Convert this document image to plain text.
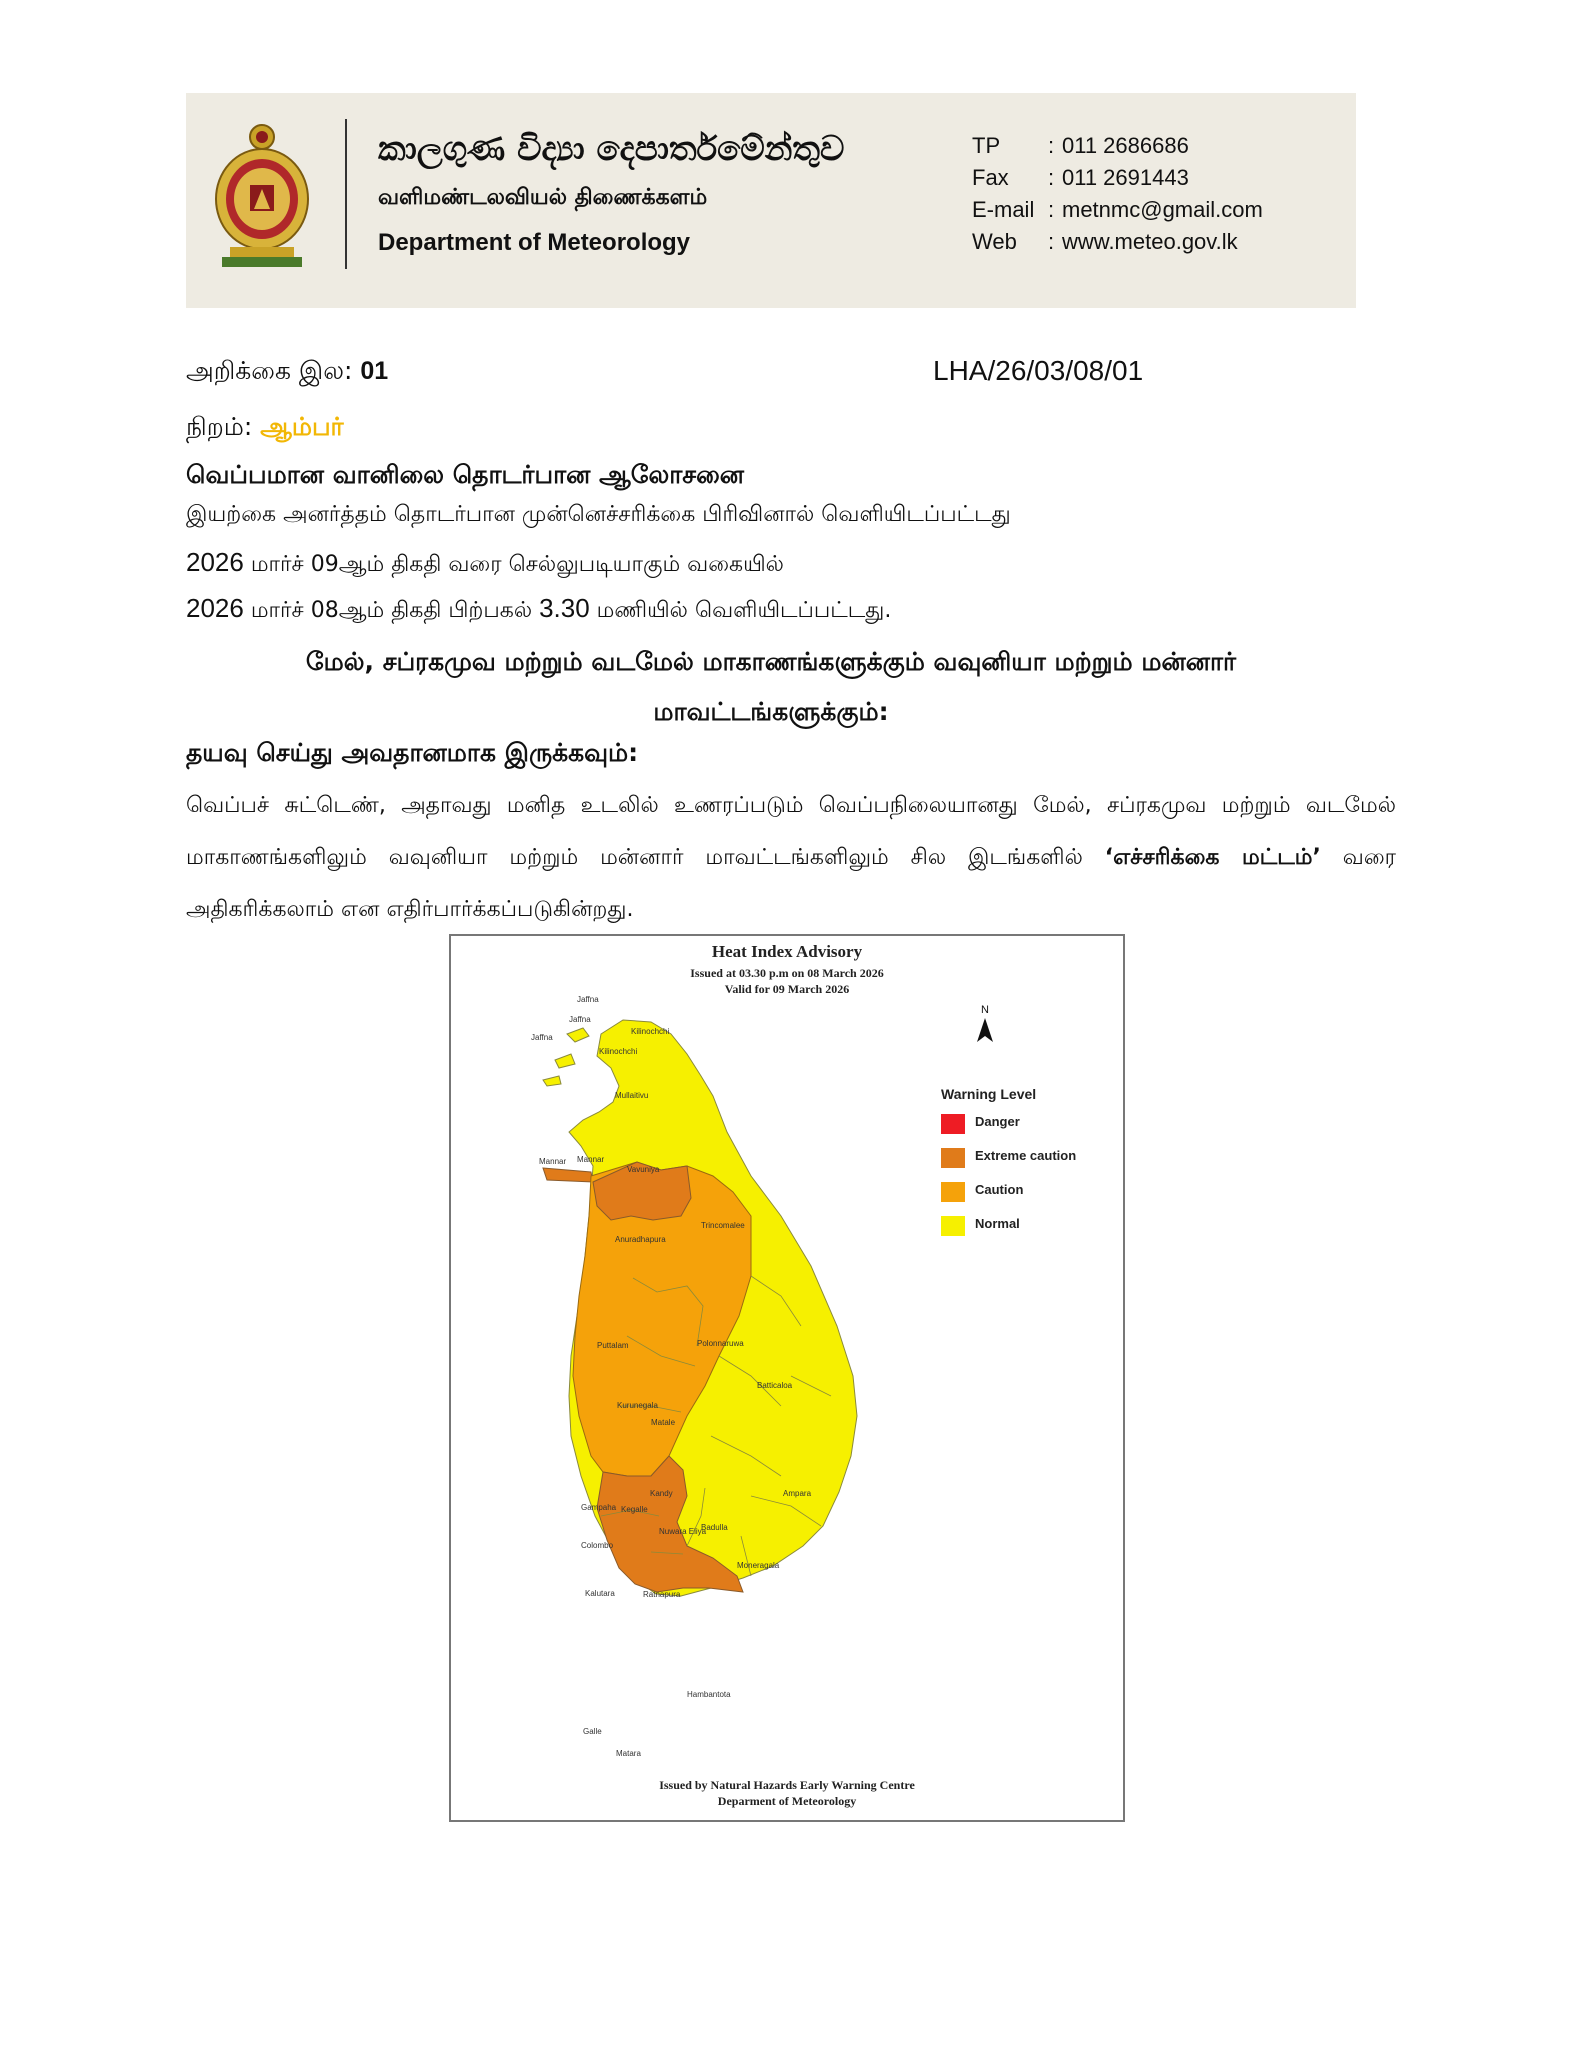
කාලගුණ විද්‍යා දෙපාර්තමේන්තුව
வளிமண்டலவியல் திணைக்களம்
Department of Meteorology
TP : 011 2686686
Fax : 011 2691443
E-mail : metnmc@gmail.com
Web : www.meteo.gov.lk
அறிக்கை இல: 01	LHA/26/03/08/01
நிறம்: ஆம்பர்
வெப்பமான வானிலை தொடர்பான ஆலோசனை
இயற்கை அனர்த்தம் தொடர்பான முன்னெச்சரிக்கை பிரிவினால் வெளியிடப்பட்டது
2026 மார்ச் 09ஆம் திகதி வரை செல்லுபடியாகும் வகையில்
2026 மார்ச் 08ஆம் திகதி பிற்பகல் 3.30 மணியில் வெளியிடப்பட்டது.
மேல், சப்ரகமுவ மற்றும் வடமேல் மாகாணங்களுக்கும் வவுனியா மற்றும் மன்னார்
மாவட்டங்களுக்கும்:
தயவு செய்து அவதானமாக இருக்கவும்:
வெப்பச் சுட்டெண், அதாவது மனித உடலில் உணரப்படும் வெப்பநிலையானது மேல், சப்ரகமுவ மற்றும் வடமேல் மாகாணங்களிலும் வவுனியா மற்றும் மன்னார் மாவட்டங்களிலும் சில இடங்களில் ‘எச்சரிக்கை மட்டம்’ வரை அதிகரிக்கலாம் என எதிர்பார்க்கப்படுகின்றது.
Heat Index Advisory
Issued at 03.30 p.m on 08 March 2026
Valid for 09 March 2026
N
Jaffna
Jaffna
Jaffna
Kilinochchi
Kilinochchi
Mullaitivu
Mannar Mannar
Vavuniya
Trincomalee
Anuradhapura
Puttalam	Polonnaruwa
Batticaloa
Kurunegala
Matale
Kandy	Ampara
Gampaha Kegalle
Nuwara Eliya
Badulla
Colombo
Moneragala
Kalutara	Ratnapura
Hambantota
Galle
Matara
Warning Level
Danger
Extreme caution
Caution
Normal
Issued by Natural Hazards Early Warning Centre
Deparment of Meteorology
